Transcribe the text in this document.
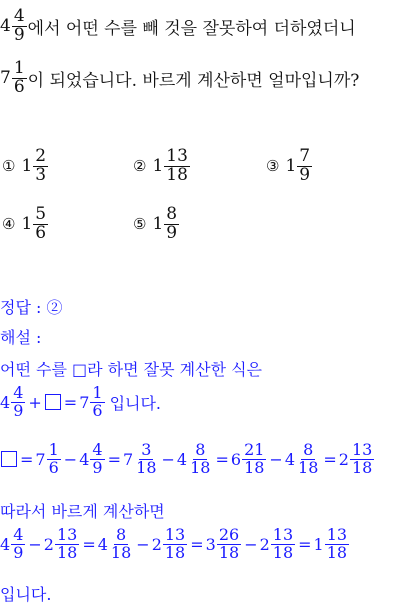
$4 \frac{4}{9}$ 에서 어떤 수를 빼 것을 잘못하여 더하였더니
$7 \frac{1}{6}$ 이 되었습니다. 바르게 계산하면 얼마입니까?
① $1 \frac{2}{3}$	② $1 \frac{13}{18}$	③ $1 \frac{7}{9}$
④ $1 \frac{5}{6}$	⑤ $1 \frac{8}{9}$
정답 : ②
해설 :
어떤 수를 □라 하면 잘못 계산한 식은
$4 \frac{4}{9}$ + = $7 \frac{1}{6}$ 입니다.
= $7 \frac{1}{6} - 4 \frac{4}{9} = 7 \frac{3}{18} - 4 \frac{8}{18} = 6 \frac{21}{18} - 4 \frac{8}{18} = 2 \frac{13}{18}$
따라서 바르게 계산하면
$4 \frac{4}{9} - 2 \frac{13}{18} = 4 \frac{8}{18} - 2 \frac{13}{18} = 3 \frac{26}{18} - 2 \frac{13}{18} = 1 \frac{13}{18}$
입니다.
